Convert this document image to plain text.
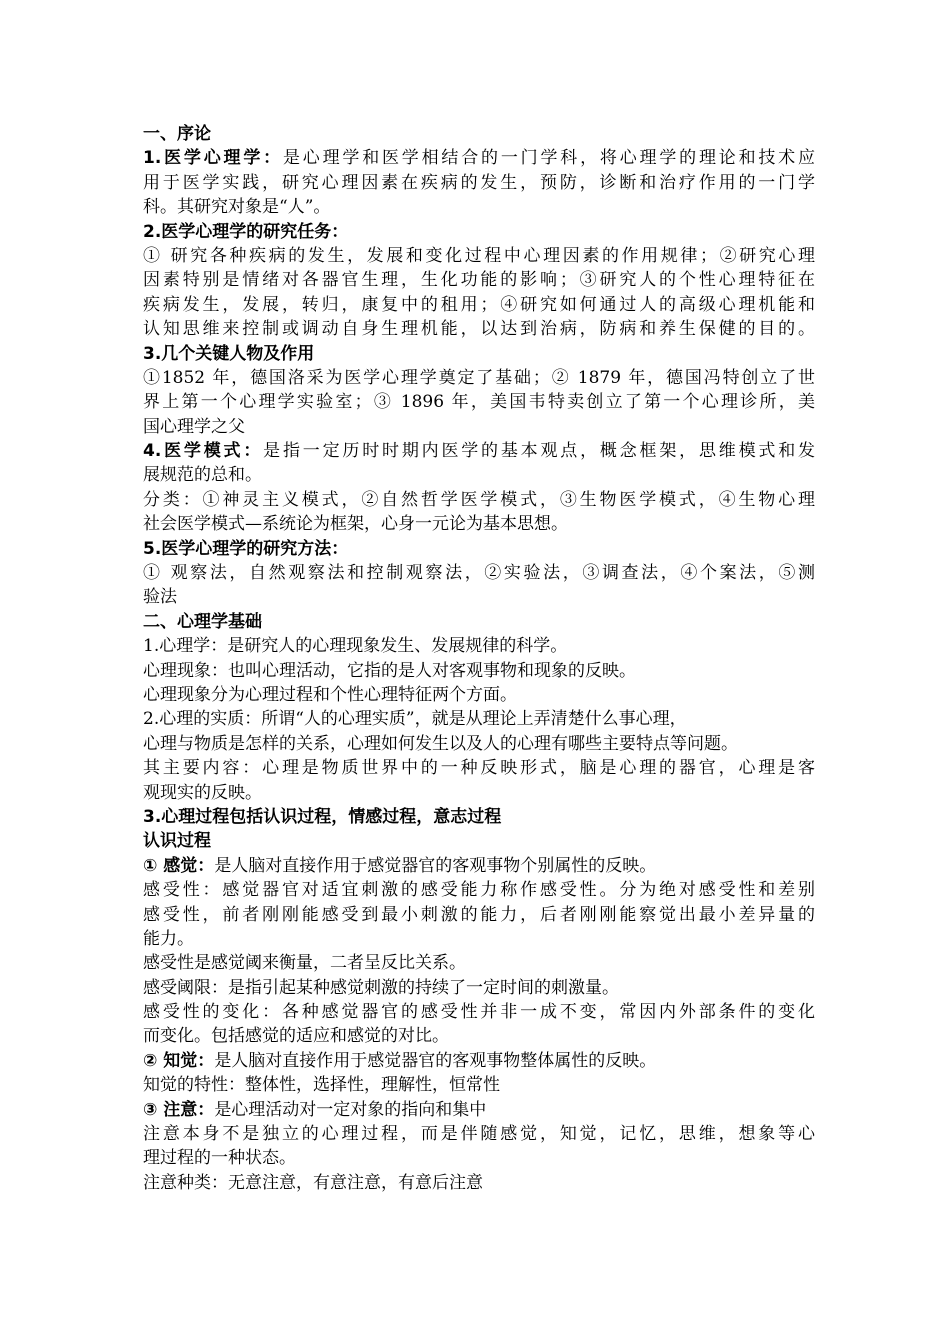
一、序论
1.医学心理学：是心理学和医学相结合的一门学科，将心理学的理论和技术应
用于医学实践，研究心理因素在疾病的发生，预防，诊断和治疗作用的一门学
科。其研究对象是“人”。
2.医学心理学的研究任务：
① 研究各种疾病的发生，发展和变化过程中心理因素的作用规律；②研究心理
因素特别是情绪对各器官生理，生化功能的影响；③研究人的个性心理特征在
疾病发生，发展，转归，康复中的租用；④研究如何通过人的高级心理机能和
认知思维来控制或调动自身生理机能，以达到治病，防病和养生保健的目的。
3.几个关键人物及作用
①1852 年，德国洛采为医学心理学奠定了基础；② 1879 年，德国冯特创立了世
界上第一个心理学实验室；③ 1896 年，美国韦特卖创立了第一个心理诊所，美
国心理学之父
4.医学模式：是指一定历时时期内医学的基本观点，概念框架，思维模式和发
展规范的总和。
分类：①神灵主义模式，②自然哲学医学模式，③生物医学模式，④生物心理
社会医学模式—系统论为框架，心身一元论为基本思想。
5.医学心理学的研究方法：
① 观察法，自然观察法和控制观察法，②实验法，③调查法，④个案法，⑤测
验法
二、心理学基础
1.心理学：是研究人的心理现象发生、发展规律的科学。
心理现象：也叫心理活动，它指的是人对客观事物和现象的反映。
心理现象分为心理过程和个性心理特征两个方面。
2.心理的实质：所谓“人的心理实质”，就是从理论上弄清楚什么事心理，
心理与物质是怎样的关系，心理如何发生以及人的心理有哪些主要特点等问题。
其主要内容：心理是物质世界中的一种反映形式，脑是心理的器官，心理是客
观现实的反映。
3.心理过程包括认识过程，情感过程，意志过程
认识过程
① 感觉：是人脑对直接作用于感觉器官的客观事物个别属性的反映。
感受性：感觉器官对适宜刺激的感受能力称作感受性。分为绝对感受性和差别
感受性，前者刚刚能感受到最小刺激的能力，后者刚刚能察觉出最小差异量的
能力。
感受性是感觉阈来衡量，二者呈反比关系。
感受阈限：是指引起某种感觉刺激的持续了一定时间的刺激量。
感受性的变化：各种感觉器官的感受性并非一成不变，常因内外部条件的变化
而变化。包括感觉的适应和感觉的对比。
② 知觉：是人脑对直接作用于感觉器官的客观事物整体属性的反映。
知觉的特性：整体性，选择性，理解性，恒常性
③ 注意：是心理活动对一定对象的指向和集中
注意本身不是独立的心理过程，而是伴随感觉，知觉，记忆，思维，想象等心
理过程的一种状态。
注意种类：无意注意，有意注意，有意后注意
